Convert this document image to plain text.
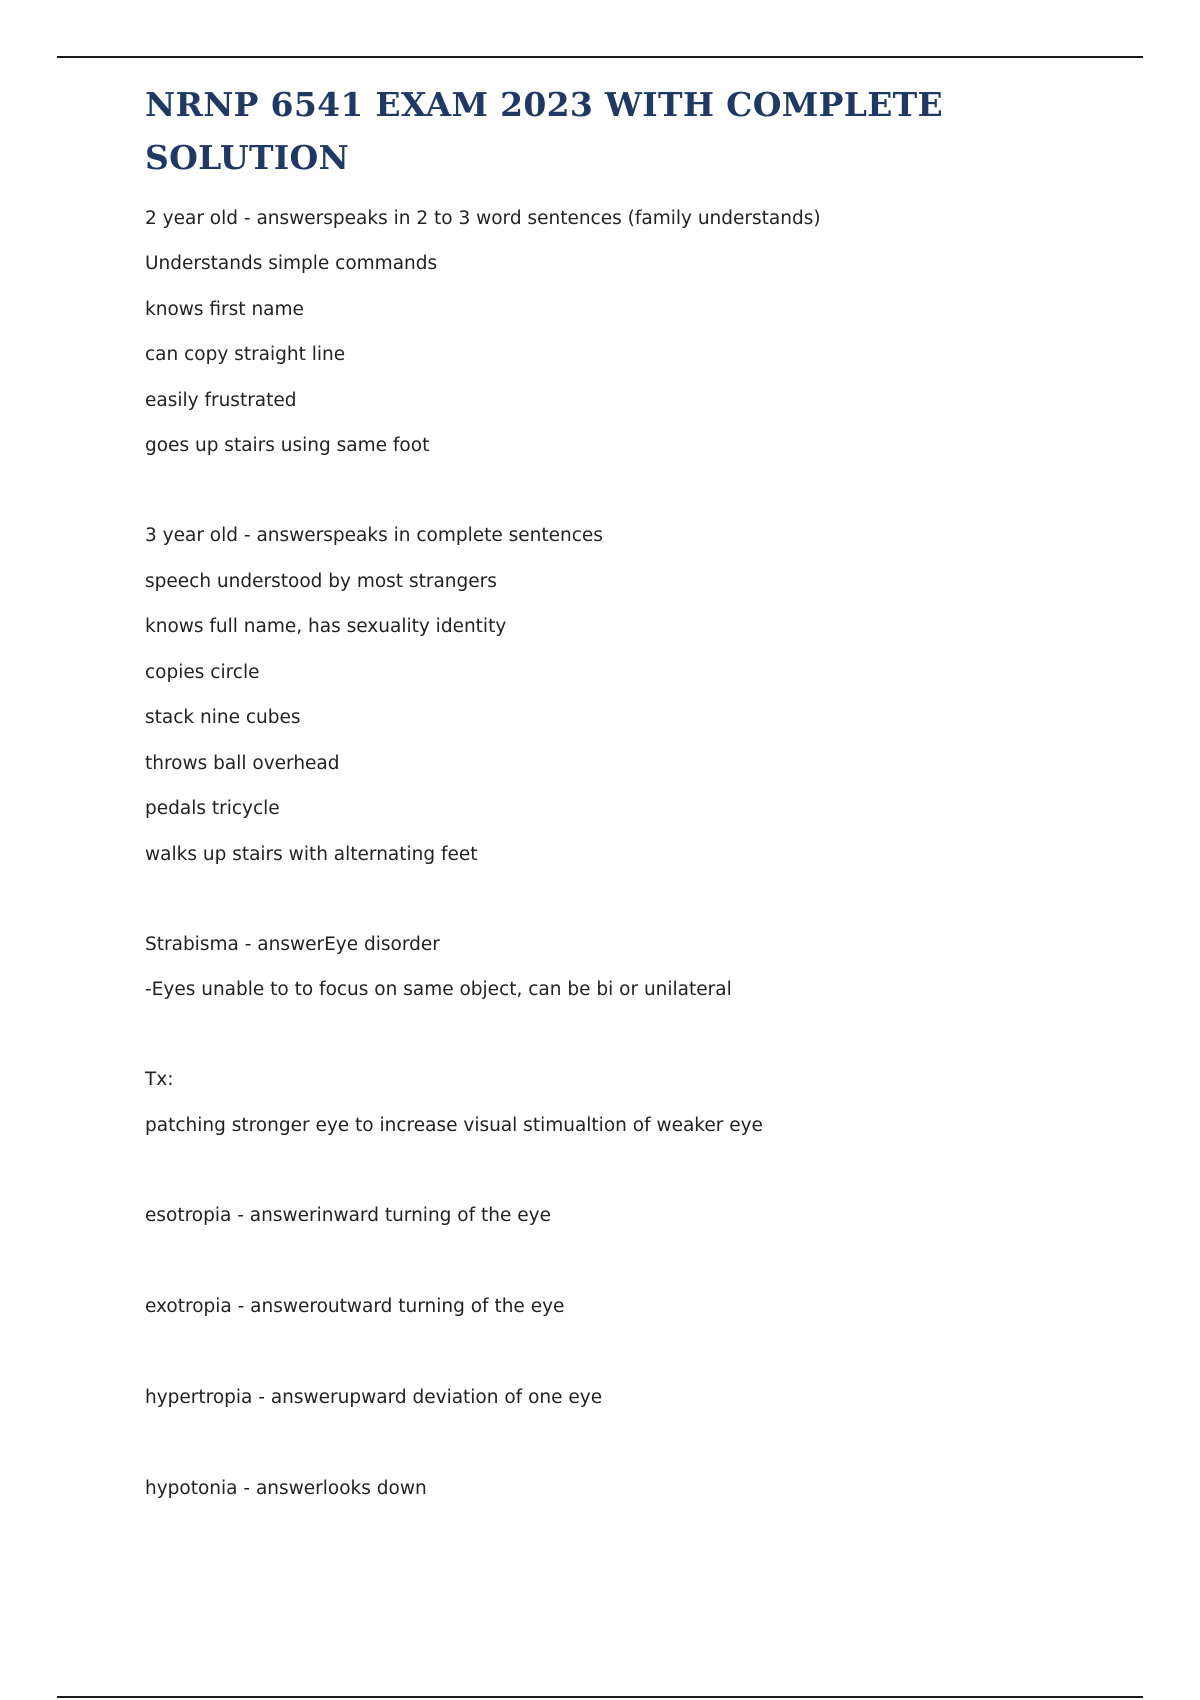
NRNP 6541 EXAM 2023 WITH COMPLETE SOLUTION

2 year old - answerspeaks in 2 to 3 word sentences (family understands)

Understands simple commands

knows first name

can copy straight line

easily frustrated

goes up stairs using same foot

3 year old - answerspeaks in complete sentences

speech understood by most strangers

knows full name, has sexuality identity

copies circle

stack nine cubes

throws ball overhead

pedals tricycle

walks up stairs with alternating feet

Strabisma - answerEye disorder

-Eyes unable to to focus on same object, can be bi or unilateral

Tx:

patching stronger eye to increase visual stimualtion of weaker eye

esotropia - answerinward turning of the eye

exotropia - answeroutward turning of the eye

hypertropia - answerupward deviation of one eye

hypotonia - answerlooks down
